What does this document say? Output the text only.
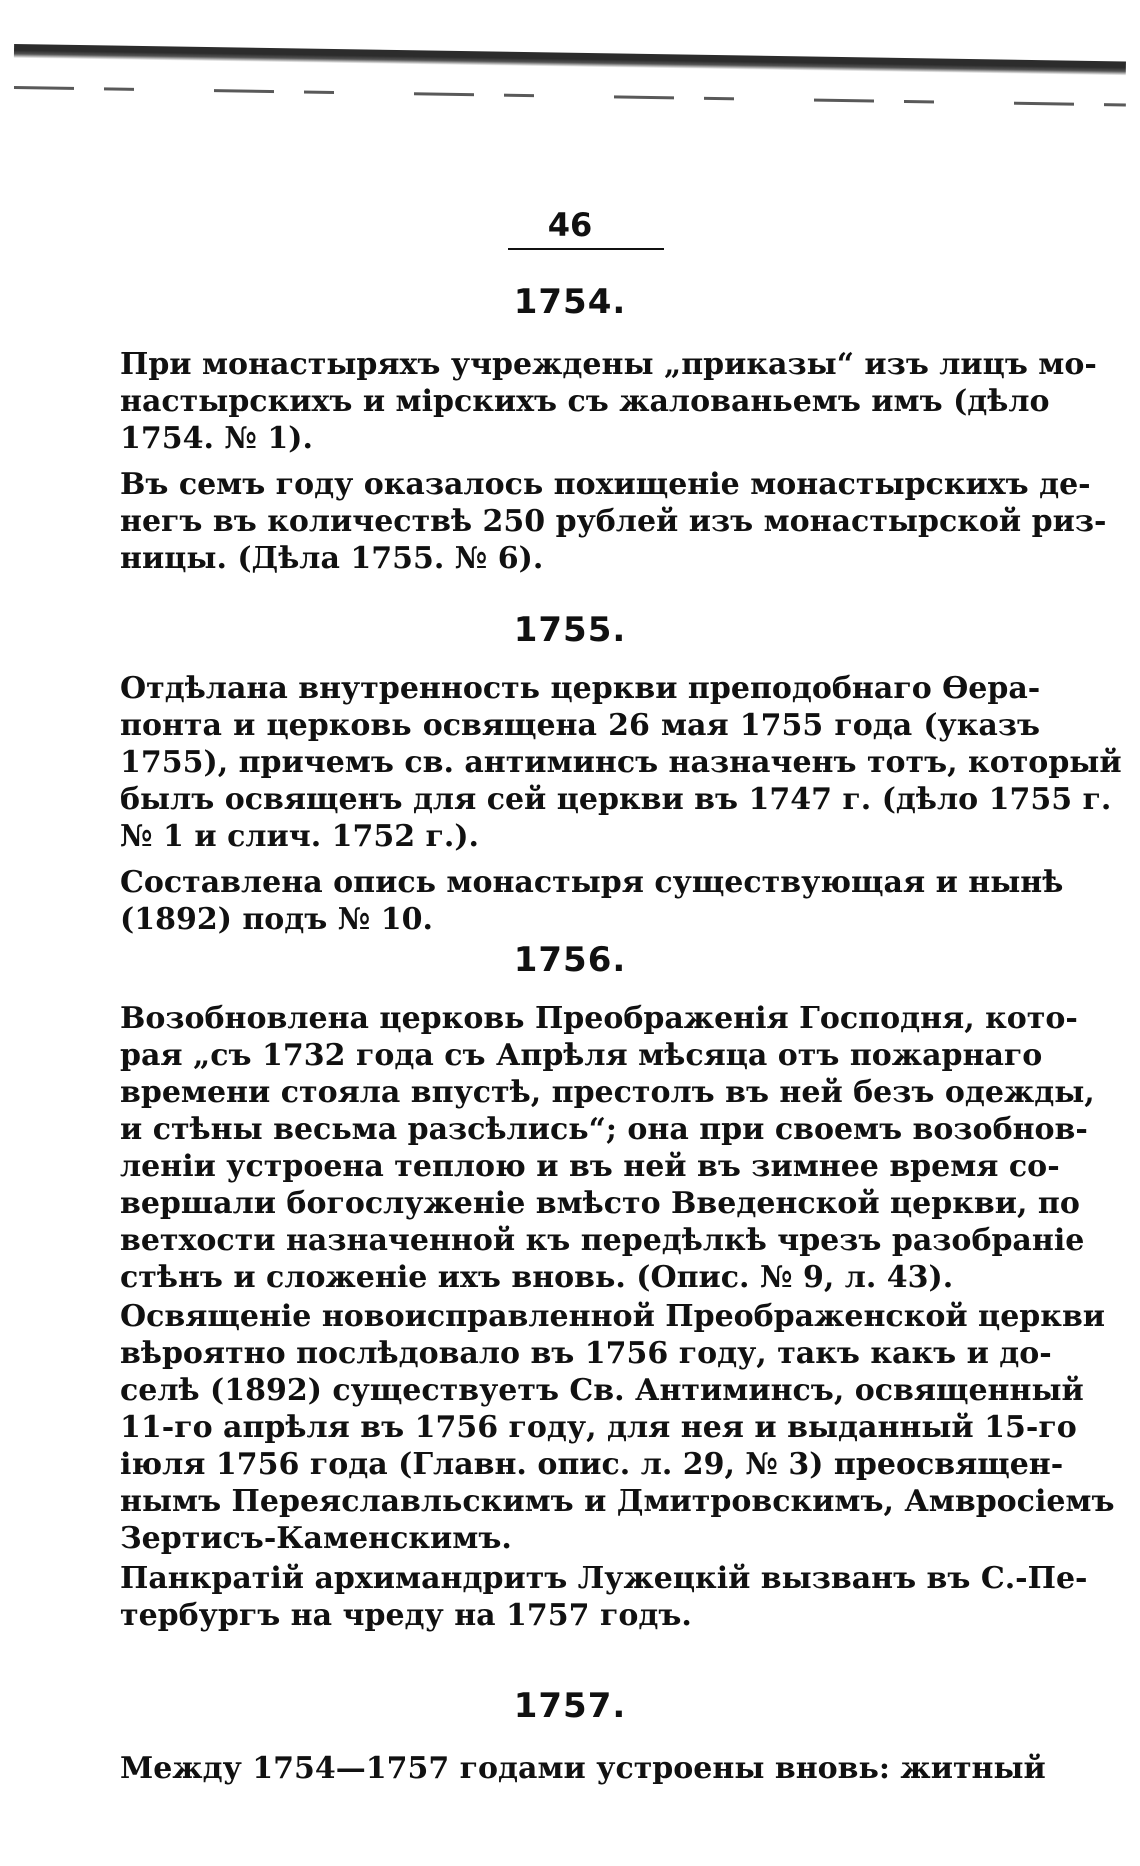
46
1754.
При монастыряхъ учреждены „приказы“ изъ лицъ мо-
настырскихъ и мірскихъ съ жалованьемъ имъ (дѣло
1754. № 1).
Въ семъ году оказалось похищеніе монастырскихъ де-
негъ въ количествѣ 250 рублей изъ монастырской риз-
ницы. (Дѣла 1755. № 6).
1755.
Отдѣлана внутренность церкви преподобнаго Ѳера-
понта и церковь освящена 26 мая 1755 года (указъ
1755), причемъ св. антиминсъ назначенъ тотъ, который
былъ освященъ для сей церкви въ 1747 г. (дѣло 1755 г.
№ 1 и слич. 1752 г.).
Составлена опись монастыря существующая и нынѣ
(1892) подъ № 10.
1756.
Возобновлена церковь Преображенія Господня, кото-
рая „съ 1732 года съ Апрѣля мѣсяца отъ пожарнаго
времени стояла впустѣ, престолъ въ ней безъ одежды,
и стѣны весьма разсѣлись“; она при своемъ возобнов-
леніи устроена теплою и въ ней въ зимнее время со-
вершали богослуженіе вмѣсто Введенской церкви, по
ветхости назначенной къ передѣлкѣ чрезъ разобраніе
стѣнъ и сложеніе ихъ вновь. (Опис. № 9, л. 43).
Освященіе новоисправленной Преображенской церкви
вѣроятно послѣдовало въ 1756 году, такъ какъ и до-
селѣ (1892) существуетъ Св. Антиминсъ, освященный
11-го апрѣля въ 1756 году, для нея и выданный 15-го
іюля 1756 года (Главн. опис. л. 29, № 3) преосвящен-
нымъ Переяславльскимъ и Дмитровскимъ, Амвросіемъ
Зертисъ-Каменскимъ.
Панкратій архимандритъ Лужецкій вызванъ въ С.-Пе-
тербургъ на чреду на 1757 годъ.
1757.
Между 1754—1757 годами устроены вновь: житный
